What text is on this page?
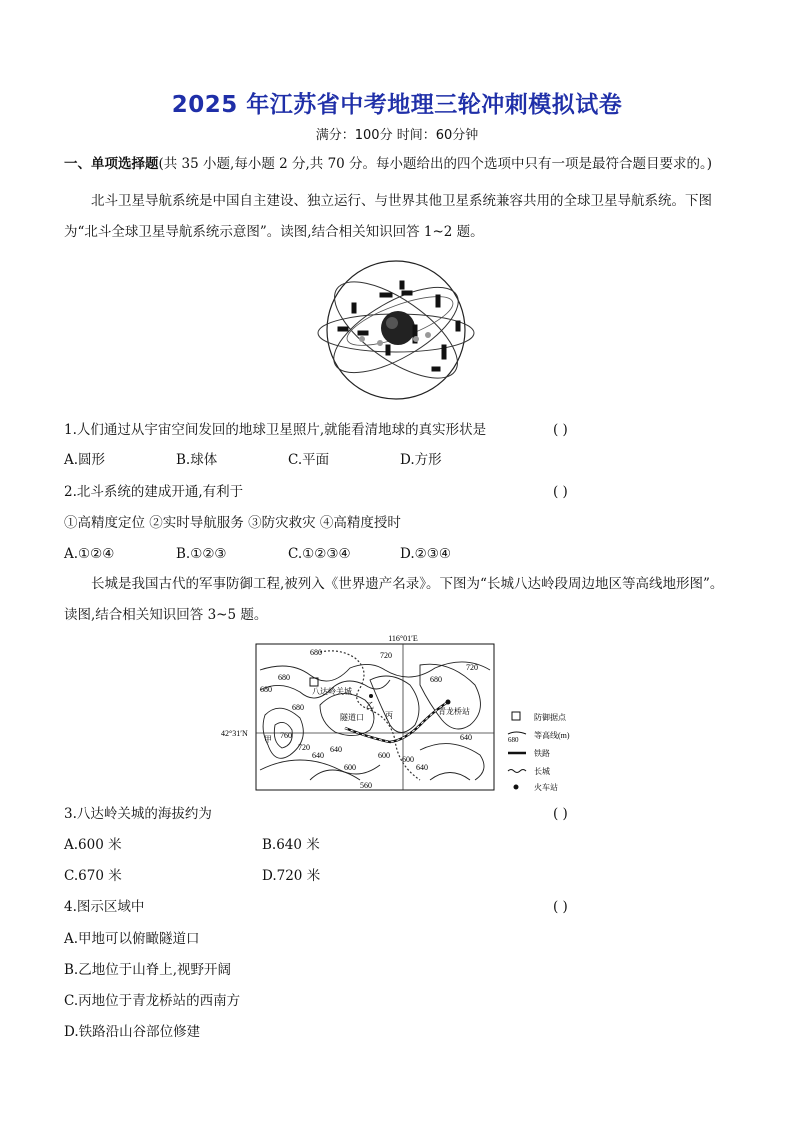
2025 年江苏省中考地理三轮冲刺模拟试卷
满分：100分 时间：60分钟
一、单项选择题(共 35 小题,每小题 2 分,共 70 分。每小题给出的四个选项中只有一项是最符合题目要求的。)
北斗卫星导航系统是中国自主建设、独立运行、与世界其他卫星系统兼容共用的全球卫星导航系统。下图为“北斗全球卫星导航系统示意图”。读图,结合相关知识回答 1~2 题。
1.人们通过从宇宙空间发回的地球卫星照片,就能看清地球的真实形状是	( )
A.圆形	B.球体	C.平面	D.方形
2.北斗系统的建成开通,有利于	( )
①高精度定位 ②实时导航服务 ③防灾救灾 ④高精度授时
A.①②④	B.①②③	C.①②③④	D.②③④
长城是我国古代的军事防御工程,被列入《世界遗产名录》。下图为“长城八达岭段周边地区等高线地形图”。读图,结合相关知识回答 3~5 题。
116°01′E
42°31′N
八达岭关城
隧道口
青龙桥站
甲
乙
丙
680
680	720
680
680
640
760
720
640
600	640
600
640
680
560
600
720
防御据点
680 等高线(m)
铁路
长城
火车站
3.八达岭关城的海拔约为	( )
A.600 米	B.640 米
C.670 米	D.720 米
4.图示区域中	( )
A.甲地可以俯瞰隧道口
B.乙地位于山脊上,视野开阔
C.丙地位于青龙桥站的西南方
D.铁路沿山谷部位修建
